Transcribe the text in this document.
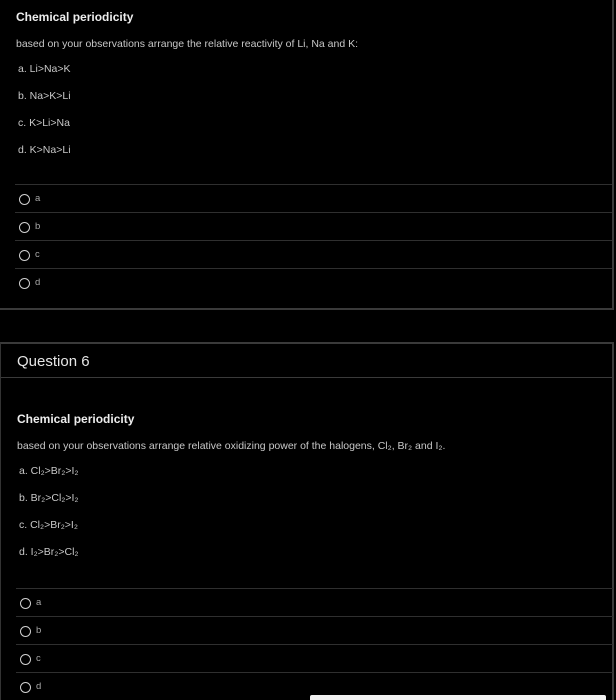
Chemical periodicity
based on your observations arrange the relative reactivity of Li, Na and K:
a. Li>Na>K
b. Na>K>Li
c. K>Li>Na
d. K>Na>Li
a
b
c
d
Question 6
Chemical periodicity
based on your observations arrange relative oxidizing power of the halogens, Cl₂, Br₂ and I₂.
a. Cl₂>Br₂>I₂
b. Br₂>Cl₂>I₂
c. Cl₂>Br₂>I₂
d. I₂>Br₂>Cl₂
a
b
c
d
